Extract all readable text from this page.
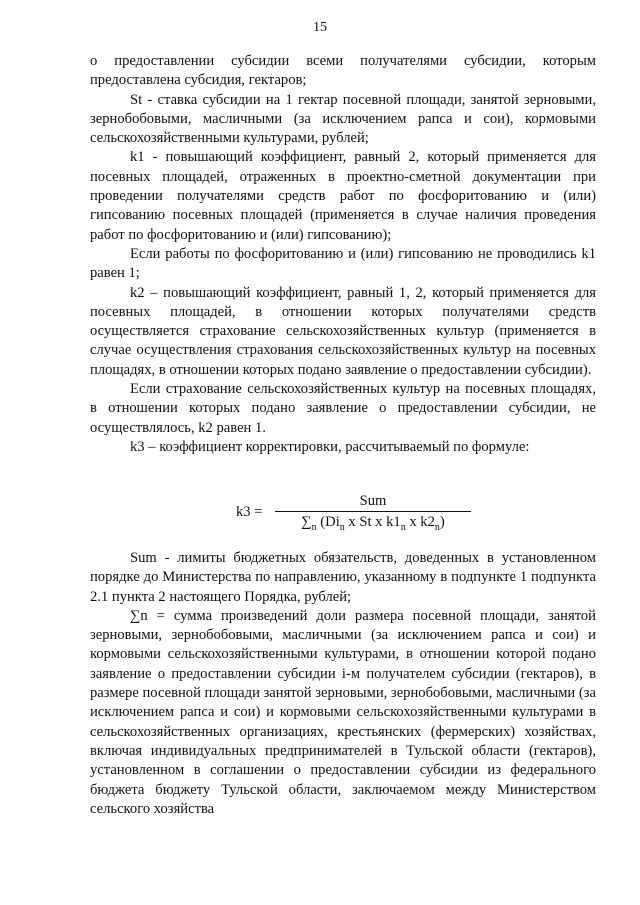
15

о предоставлении субсидии всеми получателями субсидии, которым предоставлена субсидия, гектаров;

St - ставка субсидии на 1 гектар посевной площади, занятой зерновыми, зернобобовыми, масличными (за исключением рапса и сои), кормовыми сельскохозяйственными культурами, рублей;

k1 - повышающий коэффициент, равный 2, который применяется для посевных площадей, отраженных в проектно-сметной документации при проведении получателями средств работ по фосфоритованию и (или) гипсованию посевных площадей (применяется в случае наличия проведения работ по фосфоритованию и (или) гипсованию);

Если работы по фосфоритованию и (или) гипсованию не проводились k1 равен 1;

k2 – повышающий коэффициент, равный 1, 2, который применяется для посевных площадей, в отношении которых получателями средств осуществляется страхование сельскохозяйственных культур (применяется в случае осуществления страхования сельскохозяйственных культур на посевных площадях, в отношении которых подано заявление о предоставлении субсидии).

Если страхование сельскохозяйственных культур на посевных площадях, в отношении которых подано заявление о предоставлении субсидии, не осуществлялось, k2 равен 1.

k3 – коэффициент корректировки, рассчитываемый по формуле:

k3 =
Sum
$\sum_n$ ($Di_n$ x St x $k1_n$ x $k2_n$)

Sum - лимиты бюджетных обязательств, доведенных в установленном порядке до Министерства по направлению, указанному в подпункте 1 подпункта 2.1 пункта 2 настоящего Порядка, рублей;

∑n = сумма произведений доли размера посевной площади, занятой зерновыми, зернобобовыми, масличными (за исключением рапса и сои) и кормовыми сельскохозяйственными культурами, в отношении которой подано заявление о предоставлении субсидии i-м получателем субсидии (гектаров), в размере посевной площади занятой зерновыми, зернобобовыми, масличными (за исключением рапса и сои) и кормовыми сельскохозяйственными культурами в сельскохозяйственных организациях, крестьянских (фермерских) хозяйствах, включая индивидуальных предпринимателей в Тульской области (гектаров), установленном в соглашении о предоставлении субсидии из федерального бюджета бюджету Тульской области, заключаемом между Министерством сельского хозяйства
